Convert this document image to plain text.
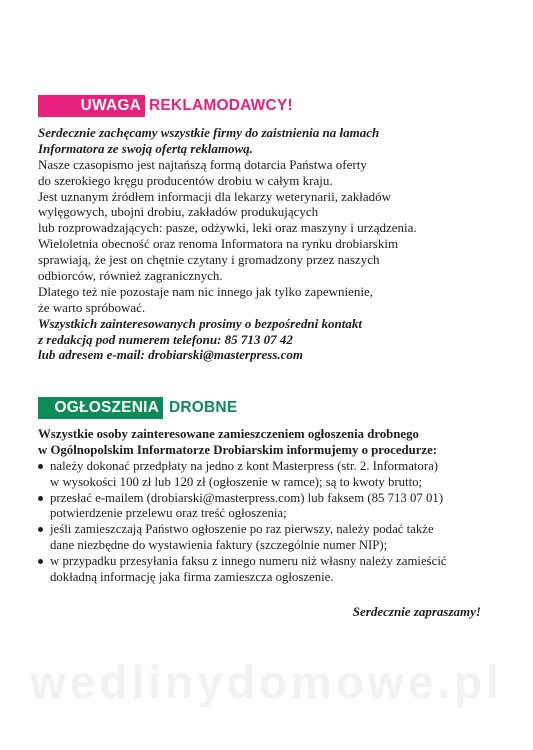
UWAGA REKLAMODAWCY!
Serdecznie zachęcamy wszystkie firmy do zaistnienia na łamach
Informatora ze swoją ofertą reklamową.
Nasze czasopismo jest najtańszą formą dotarcia Państwa oferty
do szerokiego kręgu producentów drobiu w całym kraju.
Jest uznanym źródłem informacji dla lekarzy weterynarii, zakładów
wylęgowych, ubojni drobiu, zakładów produkujących
lub rozprowadzających: pasze, odżywki, leki oraz maszyny i urządzenia.
Wieloletnia obecność oraz renoma Informatora na rynku drobiarskim
sprawiają, że jest on chętnie czytany i gromadzony przez naszych
odbiorców, również zagranicznych.
Dlatego też nie pozostaje nam nic innego jak tylko zapewnienie,
że warto spróbować.
Wszystkich zainteresowanych prosimy o bezpośredni kontakt
z redakcją pod numerem telefonu: 85 713 07 42
lub adresem e-mail: drobiarski@masterpress.com
OGŁOSZENIA DROBNE
Wszystkie osoby zainteresowane zamieszczeniem ogłoszenia drobnego
w Ogólnopolskim Informatorze Drobiarskim informujemy o procedurze:
należy dokonać przedpłaty na jedno z kont Masterpress (str. 2. Informatora)
w wysokości 100 zł lub 120 zł (ogłoszenie w ramce); są to kwoty brutto;
przesłać e-mailem (drobiarski@masterpress.com) lub faksem (85 713 07 01)
potwierdzenie przelewu oraz treść ogłoszenia;
jeśli zamieszczają Państwo ogłoszenie po raz pierwszy, należy podać także
dane niezbędne do wystawienia faktury (szczególnie numer NIP);
w przypadku przesyłania faksu z innego numeru niż własny należy zamieścić
dokładną informację jaka firma zamieszcza ogłoszenie.
Serdecznie zapraszamy!
wedlinydomowe.pl
